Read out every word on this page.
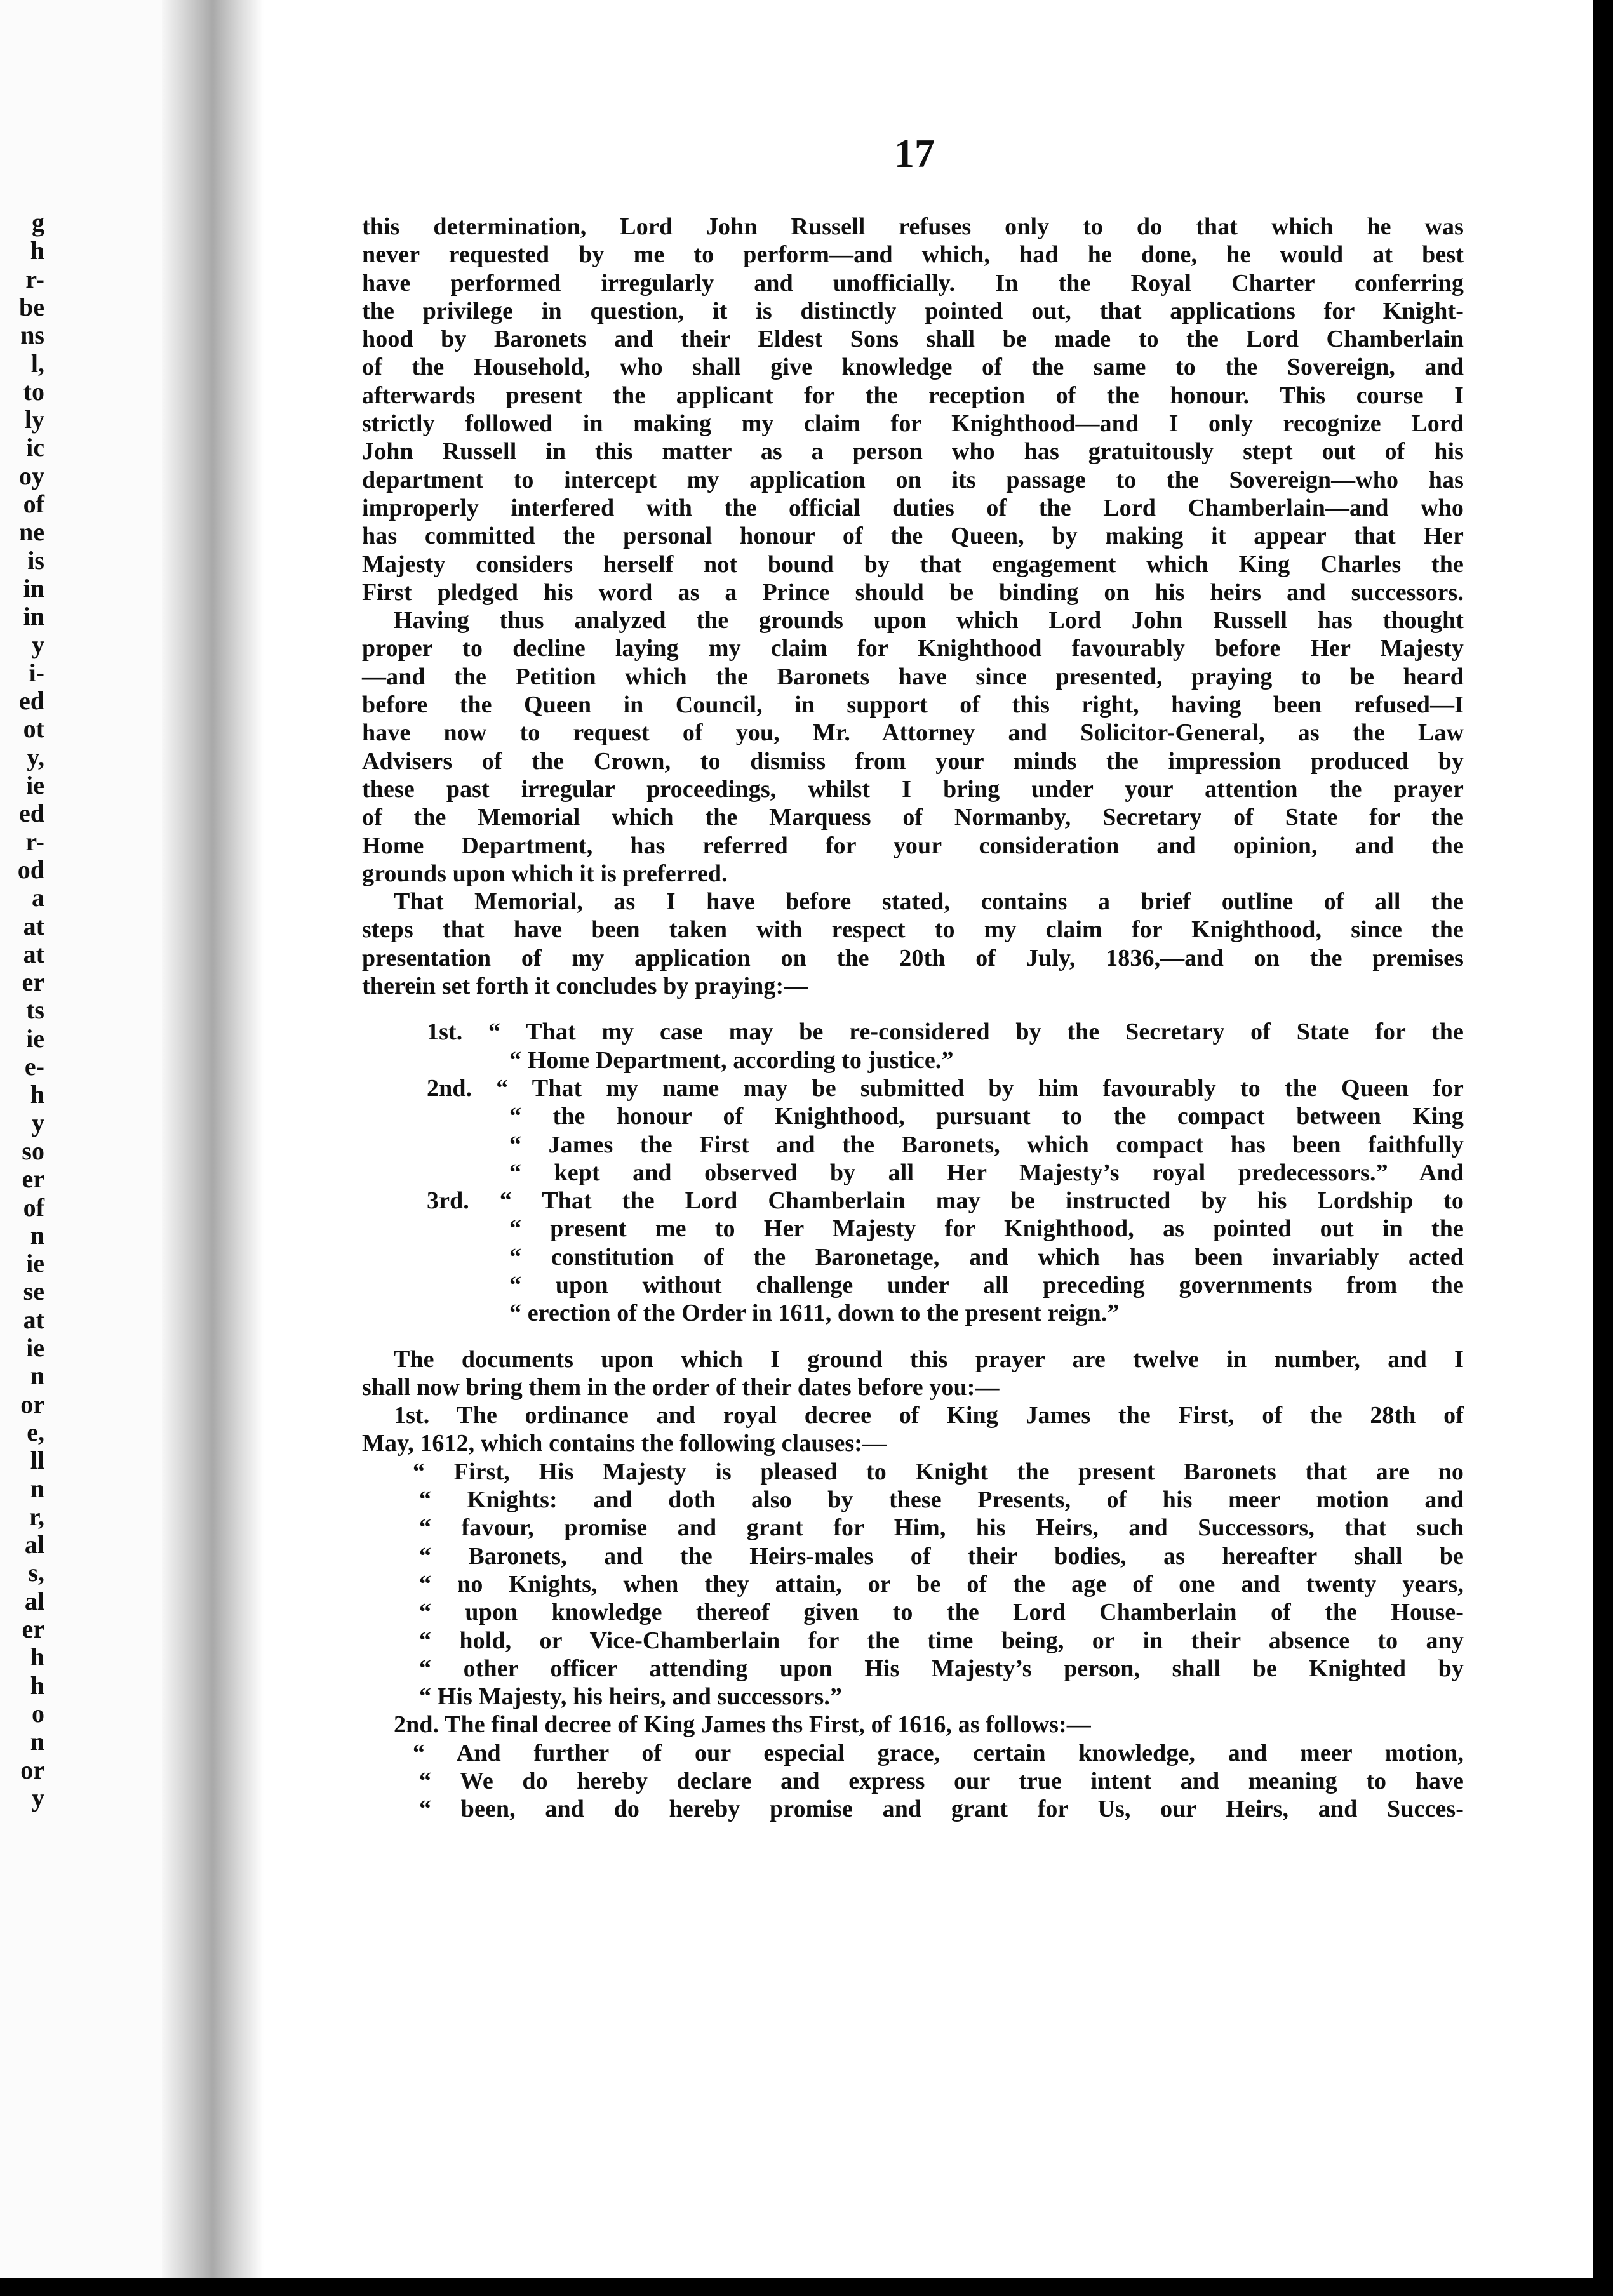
g
h
r-
be
ns
l,
to
ly
ic
oy
of
ne
is
in
in
y
i-
ed
ot
y,
ie
ed
r-
od
a
at
at
er
ts
ie
e-
h
y
so
er
of
n
ie
se
at
ie
n
or
e,
ll
n
r,
al
s,
al
er
h
h
o
n
or
y
17
this determination, Lord John Russell refuses only to do that which he was
never requested by me to perform—and which, had he done, he would at best
have performed irregularly and unofficially. In the Royal Charter conferring
the privilege in question, it is distinctly pointed out, that applications for Knight-
hood by Baronets and their Eldest Sons shall be made to the Lord Chamberlain
of the Household, who shall give knowledge of the same to the Sovereign, and
afterwards present the applicant for the reception of the honour. This course I
strictly followed in making my claim for Knighthood—and I only recognize Lord
John Russell in this matter as a person who has gratuitously stept out of his
department to intercept my application on its passage to the Sovereign—who has
improperly interfered with the official duties of the Lord Chamberlain—and who
has committed the personal honour of the Queen, by making it appear that Her
Majesty considers herself not bound by that engagement which King Charles the
First pledged his word as a Prince should be binding on his heirs and successors.
Having thus analyzed the grounds upon which Lord John Russell has thought
proper to decline laying my claim for Knighthood favourably before Her Majesty
—and the Petition which the Baronets have since presented, praying to be heard
before the Queen in Council, in support of this right, having been refused—I
have now to request of you, Mr. Attorney and Solicitor-General, as the Law
Advisers of the Crown, to dismiss from your minds the impression produced by
these past irregular proceedings, whilst I bring under your attention the prayer
of the Memorial which the Marquess of Normanby, Secretary of State for the
Home Department, has referred for your consideration and opinion, and the
grounds upon which it is preferred.
That Memorial, as I have before stated, contains a brief outline of all the
steps that have been taken with respect to my claim for Knighthood, since the
presentation of my application on the 20th of July, 1836,—and on the premises
therein set forth it concludes by praying:—
1st. “ That my case may be re-considered by the Secretary of State for the
“ Home Department, according to justice.”
2nd. “ That my name may be submitted by him favourably to the Queen for
“ the honour of Knighthood, pursuant to the compact between King
“ James the First and the Baronets, which compact has been faithfully
“ kept and observed by all Her Majesty’s royal predecessors.” And
3rd. “ That the Lord Chamberlain may be instructed by his Lordship to
“ present me to Her Majesty for Knighthood, as pointed out in the
“ constitution of the Baronetage, and which has been invariably acted
“ upon without challenge under all preceding governments from the
“ erection of the Order in 1611, down to the present reign.”
The documents upon which I ground this prayer are twelve in number, and I
shall now bring them in the order of their dates before you:—
1st. The ordinance and royal decree of King James the First, of the 28th of
May, 1612, which contains the following clauses:—
“ First, His Majesty is pleased to Knight the present Baronets that are no
“ Knights: and doth also by these Presents, of his meer motion and
“ favour, promise and grant for Him, his Heirs, and Successors, that such
“ Baronets, and the Heirs-males of their bodies, as hereafter shall be
“ no Knights, when they attain, or be of the age of one and twenty years,
“ upon knowledge thereof given to the Lord Chamberlain of the House-
“ hold, or Vice-Chamberlain for the time being, or in their absence to any
“ other officer attending upon His Majesty’s person, shall be Knighted by
“ His Majesty, his heirs, and successors.”
2nd. The final decree of King James ths First, of 1616, as follows:—
“ And further of our especial grace, certain knowledge, and meer motion,
“ We do hereby declare and express our true intent and meaning to have
“ been, and do hereby promise and grant for Us, our Heirs, and Succes-
